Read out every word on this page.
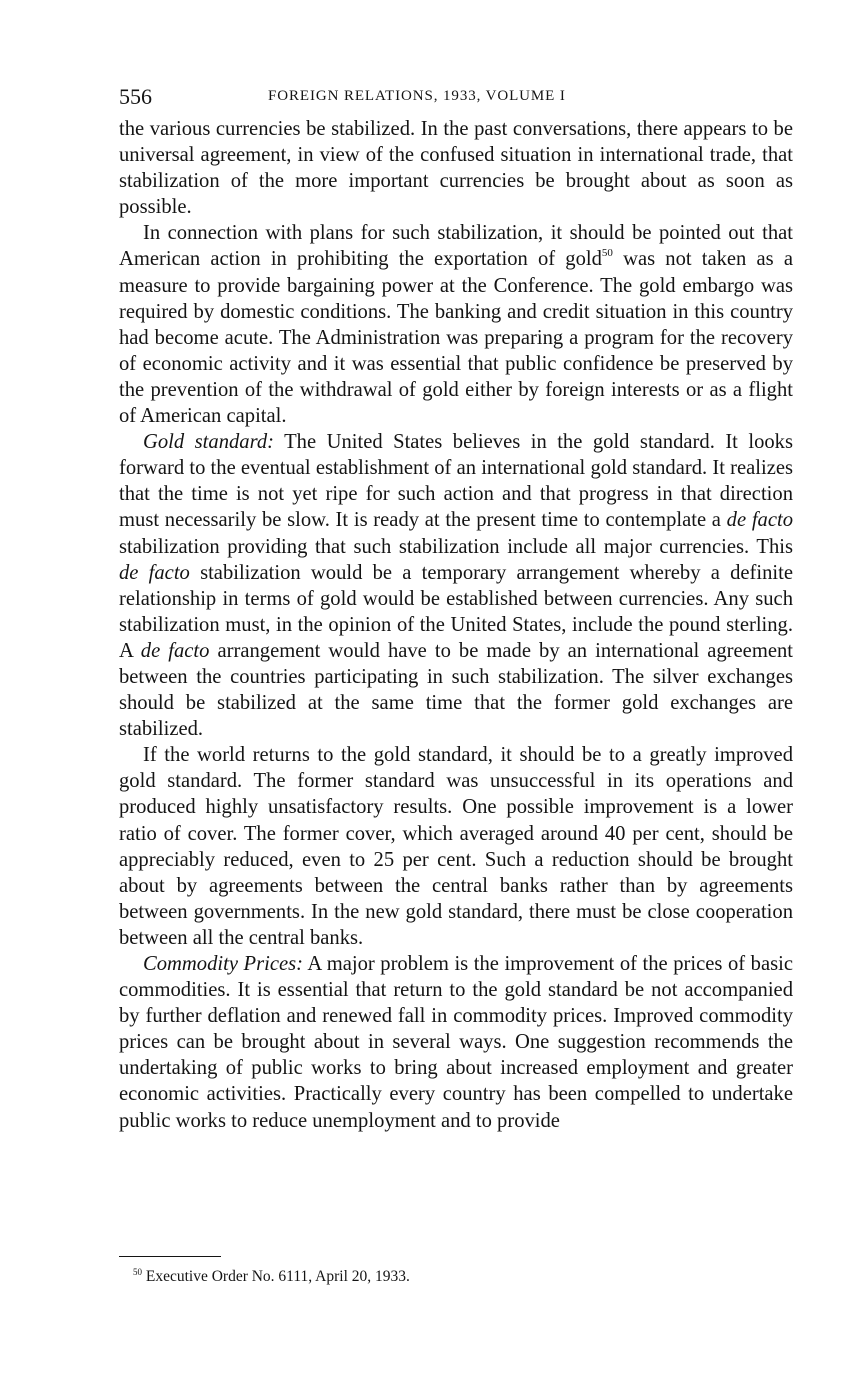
556	FOREIGN RELATIONS, 1933, VOLUME I

the various currencies be stabilized. In the past conversations, there appears to be universal agreement, in view of the confused situation in international trade, that stabilization of the more important currencies be brought about as soon as possible.

In connection with plans for such stabilization, it should be pointed out that American action in prohibiting the exportation of gold$^{50}$ was not taken as a measure to provide bargaining power at the Conference. The gold embargo was required by domestic conditions. The banking and credit situation in this country had become acute. The Administration was preparing a program for the recovery of economic activity and it was essential that public confidence be preserved by the prevention of the withdrawal of gold either by foreign interests or as a flight of American capital.

Gold standard: The United States believes in the gold standard. It looks forward to the eventual establishment of an international gold standard. It realizes that the time is not yet ripe for such action and that progress in that direction must necessarily be slow. It is ready at the present time to contemplate a de facto stabilization providing that such stabilization include all major currencies. This de facto stabilization would be a temporary arrangement whereby a definite relationship in terms of gold would be established between currencies. Any such stabilization must, in the opinion of the United States, include the pound sterling. A de facto arrangement would have to be made by an international agreement between the countries participating in such stabilization. The silver exchanges should be stabilized at the same time that the former gold exchanges are stabilized.

If the world returns to the gold standard, it should be to a greatly improved gold standard. The former standard was unsuccessful in its operations and produced highly unsatisfactory results. One possible improvement is a lower ratio of cover. The former cover, which averaged around 40 per cent, should be appreciably reduced, even to 25 per cent. Such a reduction should be brought about by agreements between the central banks rather than by agreements between governments. In the new gold standard, there must be close cooperation between all the central banks.

Commodity Prices: A major problem is the improvement of the prices of basic commodities. It is essential that return to the gold standard be not accompanied by further deflation and renewed fall in commodity prices. Improved commodity prices can be brought about in several ways. One suggestion recommends the undertaking of public works to bring about increased employment and greater economic activities. Practically every country has been compelled to undertake public works to reduce unemployment and to provide

$^{50}$ Executive Order No. 6111, April 20, 1933.
